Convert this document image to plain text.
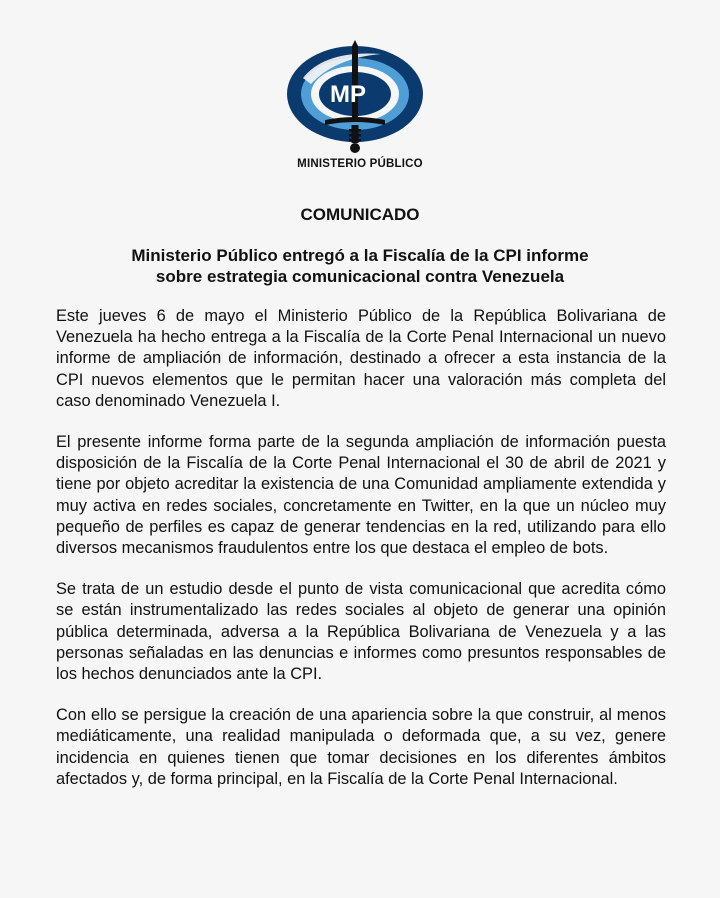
MP
MINISTERIO PÚBLICO
COMUNICADO
Ministerio Público entregó a la Fiscalía de la CPI informe
sobre estrategia comunicacional contra Venezuela

Este jueves 6 de mayo el Ministerio Público de la República Bolivariana de Venezuela ha hecho entrega a la Fiscalía de la Corte Penal Internacional un nuevo informe de ampliación de información, destinado a ofrecer a esta instancia de la CPI nuevos elementos que le permitan hacer una valoración más completa del caso denominado Venezuela I.

El presente informe forma parte de la segunda ampliación de información puesta disposición de la Fiscalía de la Corte Penal Internacional el 30 de abril de 2021 y tiene por objeto acreditar la existencia de una Comunidad ampliamente extendida y muy activa en redes sociales, concretamente en Twitter, en la que un núcleo muy pequeño de perfiles es capaz de generar tendencias en la red, utilizando para ello diversos mecanismos fraudulentos entre los que destaca el empleo de bots.

Se trata de un estudio desde el punto de vista comunicacional que acredita cómo se están instrumentalizado las redes sociales al objeto de generar una opinión pública determinada, adversa a la República Bolivariana de Venezuela y a las personas señaladas en las denuncias e informes como presuntos responsables de los hechos denunciados ante la CPI.

Con ello se persigue la creación de una apariencia sobre la que construir, al menos mediáticamente, una realidad manipulada o deformada que, a su vez, genere incidencia en quienes tienen que tomar decisiones en los diferentes ámbitos afectados y, de forma principal, en la Fiscalía de la Corte Penal Internacional.
